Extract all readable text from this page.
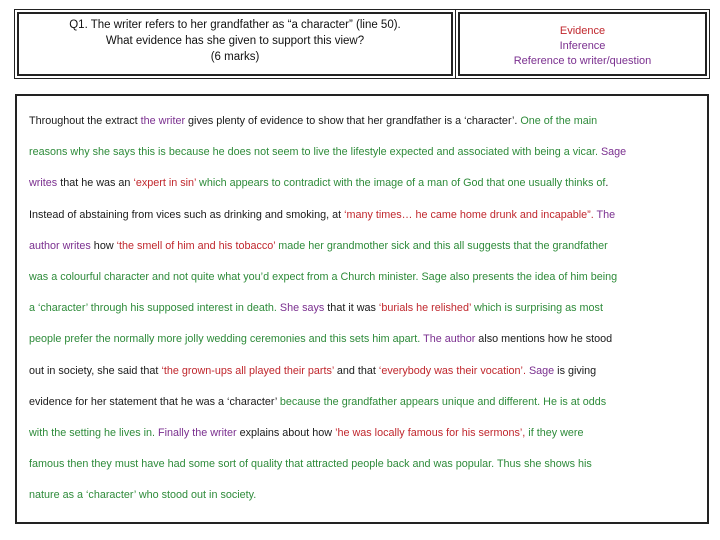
Q1. The writer refers to her grandfather as “a character” (line 50).
What evidence has she given to support this view?
(6 marks)
Evidence
Inference
Reference to writer/question
Throughout the extract the writer gives plenty of evidence to show that her grandfather is a ‘character’. One of the main
reasons why she says this is because he does not seem to live the lifestyle expected and associated with being a vicar. Sage
writes that he was an ‘expert in sin’ which appears to contradict with the image of a man of God that one usually thinks of.
Instead of abstaining from vices such as drinking and smoking, at ‘many times… he came home drunk and incapable”. The
author writes how ‘the smell of him and his tobacco’ made her grandmother sick and this all suggests that the grandfather
was a colourful character and not quite what you’d expect from a Church minister. Sage also presents the idea of him being
a ‘character’ through his supposed interest in death. She says that it was ‘burials he relished’ which is surprising as most
people prefer the normally more jolly wedding ceremonies and this sets him apart. The author also mentions how he stood
out in society, she said that ‘the grown-ups all played their parts’ and that ‘everybody was their vocation’. Sage is giving
evidence for her statement that he was a ‘character’ because the grandfather appears unique and different. He is at odds
with the setting he lives in. Finally the writer explains about how ’he was locally famous for his sermons’, if they were
famous then they must have had some sort of quality that attracted people back and was popular. Thus she shows his
nature as a ‘character’ who stood out in society.
